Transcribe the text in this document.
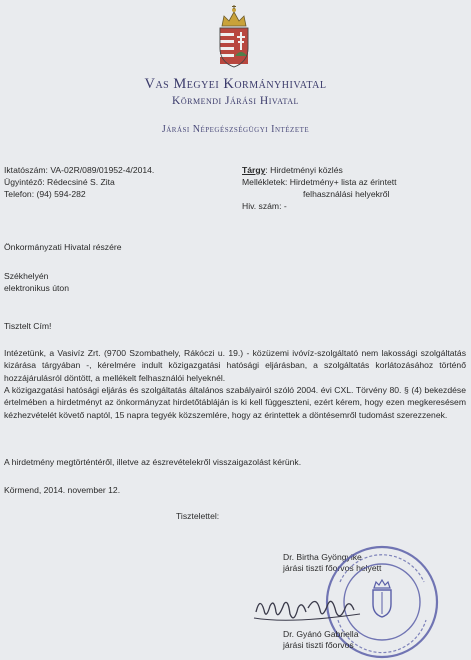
Vas Megyei Kormányhivatal
Körmendi Járási Hivatal
Járási Népegészségügyi Intézete
Iktatószám: VA-02R/089/01952-4/2014.
Ügyintéző: Rédecsiné S. Zita
Telefon: (94) 594-282
Tárgy: Hirdetményi közlés
Mellékletek: Hirdetmény+ lista az érintett
felhasználási helyekről
Hiv. szám: -
Önkormányzati Hivatal részére
Székhelyén
elektronikus úton
Tisztelt Cím!
Intézetünk, a Vasivíz Zrt. (9700 Szombathely, Rákóczi u. 19.) - közüzemi ivóvíz-szolgáltató nem lakossági szolgáltatás kizárása tárgyában -, kérelmére indult közigazgatási hatósági eljárásban, a szolgáltatás korlátozásához történő hozzájárulásról döntött, a mellékelt felhasználói helyeknél.
A közigazgatási hatósági eljárás és szolgáltatás általános szabályairól szóló 2004. évi CXL. Törvény 80. § (4) bekezdése értelmében a hirdetményt az önkormányzat hirdetőtábláján is ki kell függeszteni, ezért kérem, hogy ezen megkeresésem kézhezvételét követő naptól, 15 napra tegyék közszemlére, hogy az érintettek a döntésemről tudomást szerezzenek.
A hirdetmény megtörténtéről, illetve az észrevételekről visszaigazolást kérünk.
Körmend, 2014. november 12.
Tisztelettel:
Dr. Birtha Gyöngyike
járási tiszti főorvos helyett
Dr. Gyánó Gabriella
járási tiszti főorvos
